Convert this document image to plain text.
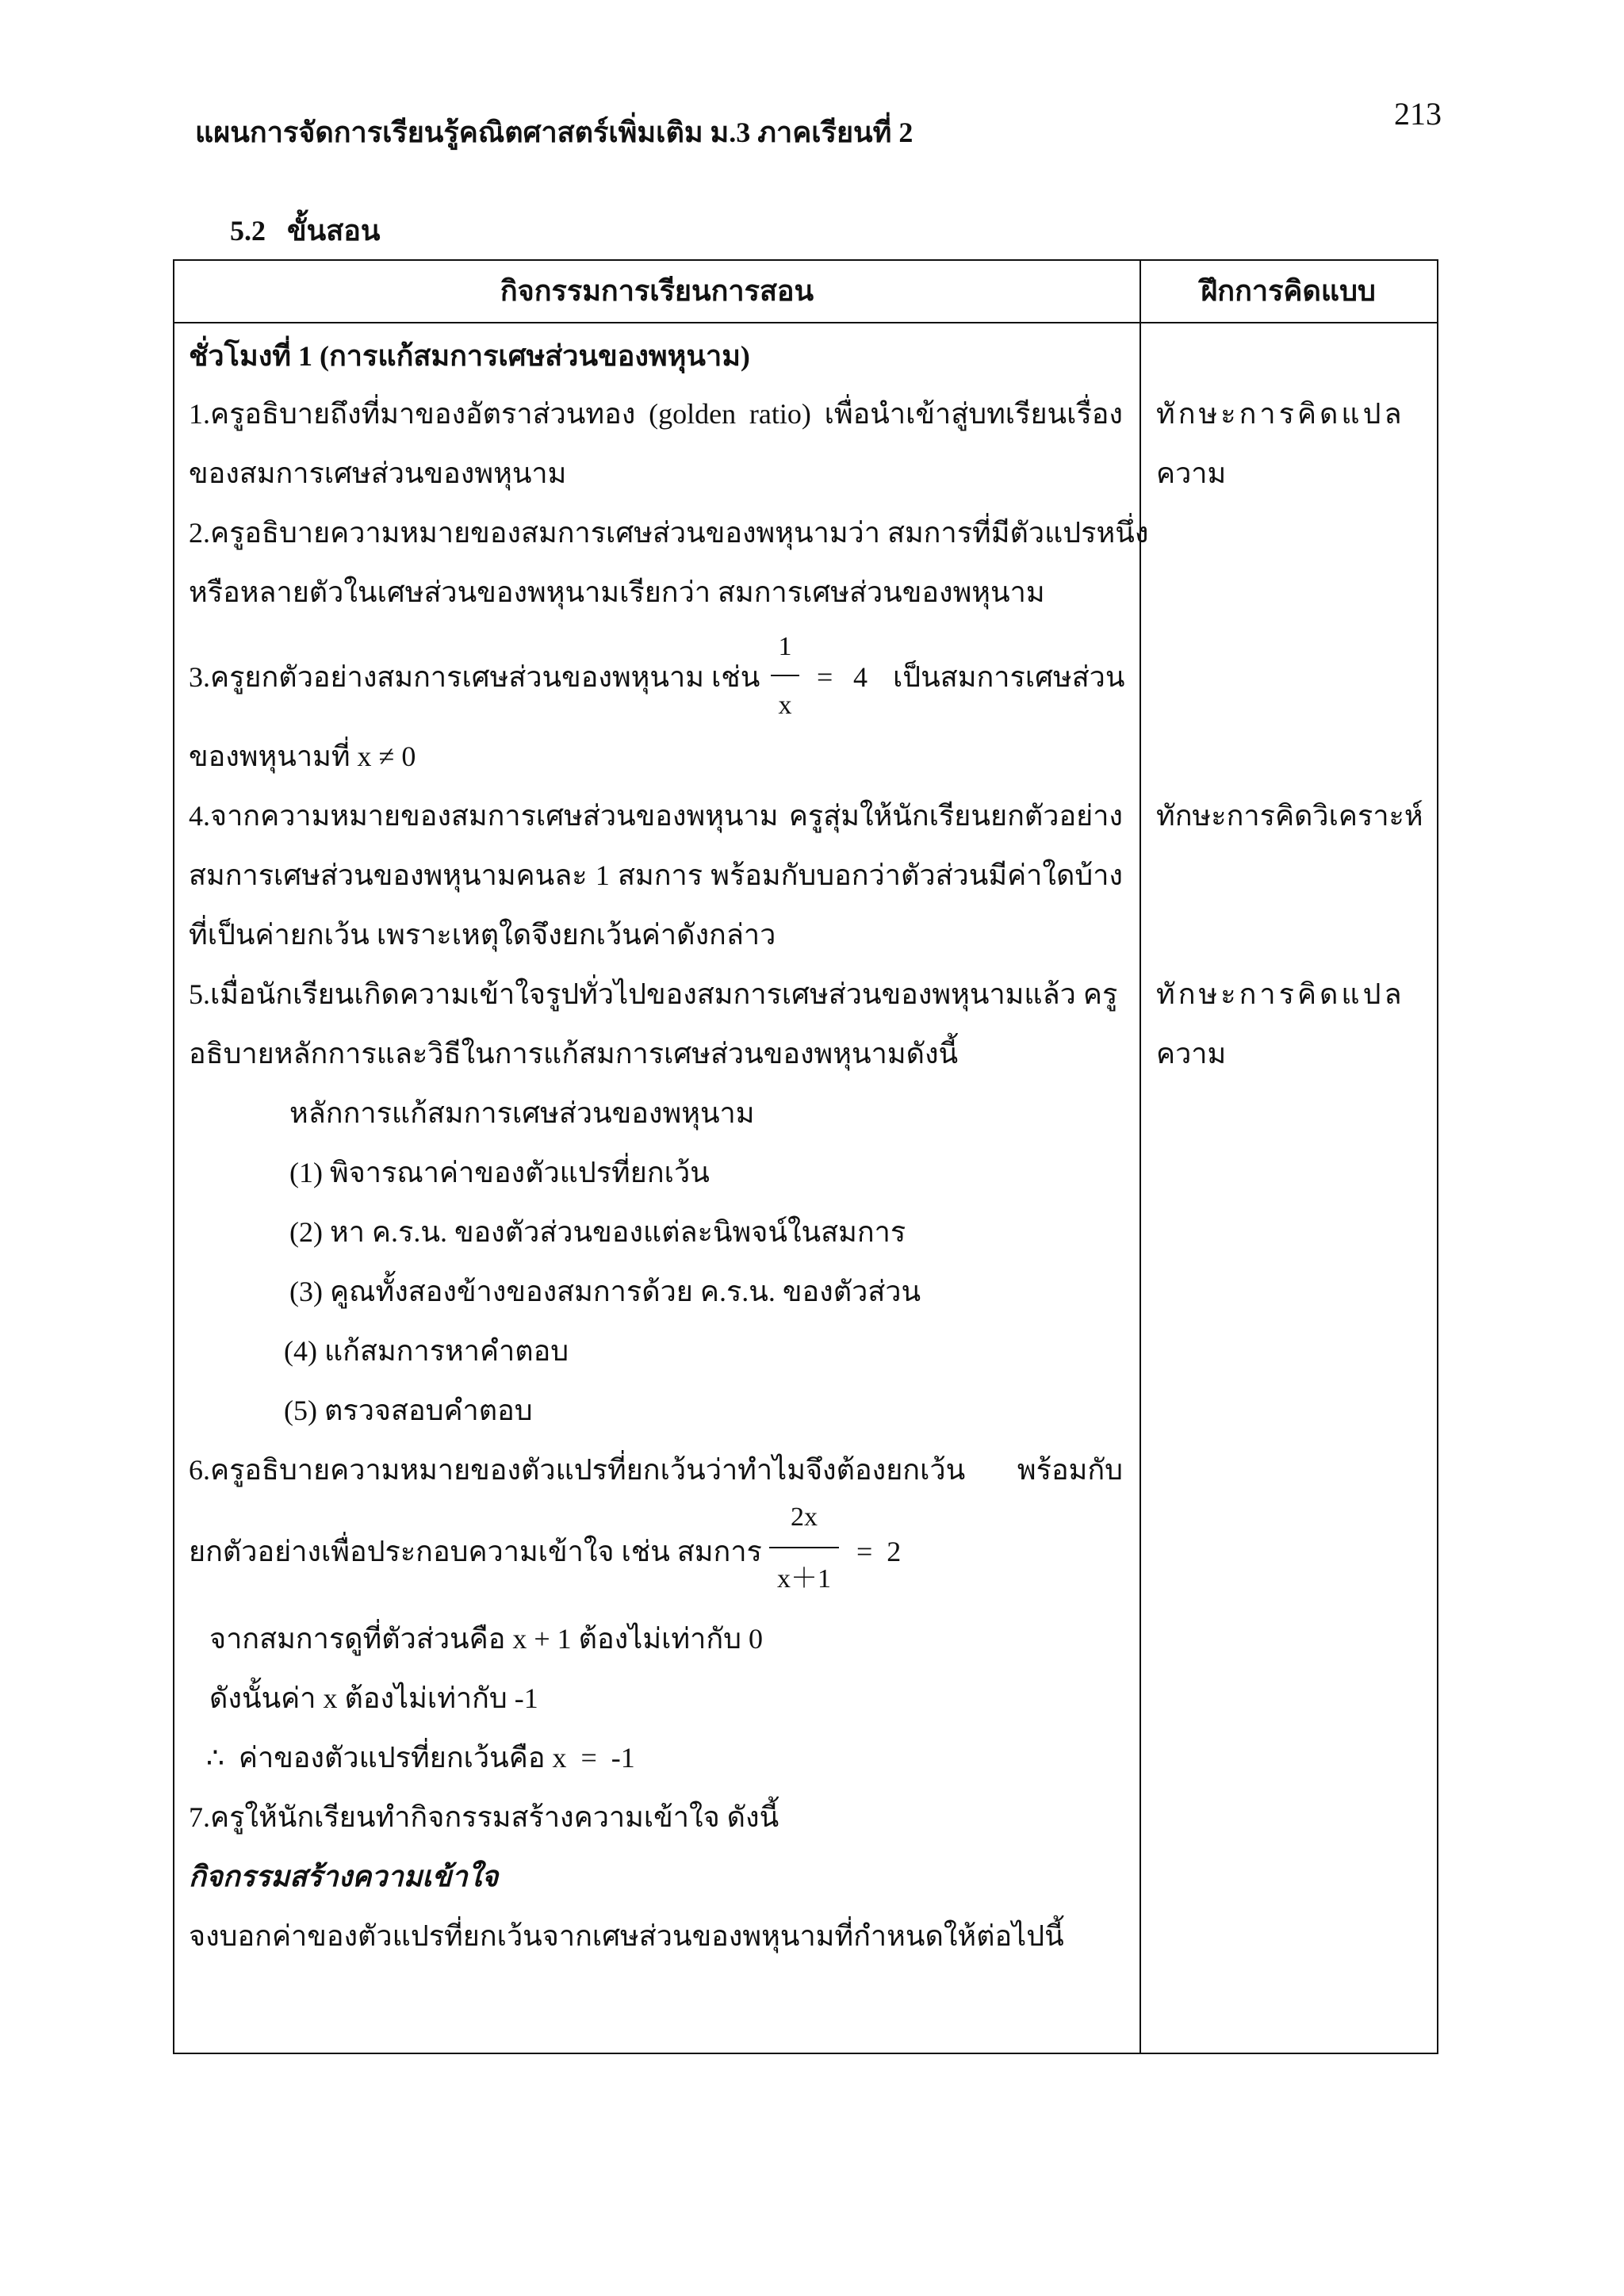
แผนการจัดการเรียนรู้คณิตศาสตร์เพิ่มเติม ม.3 ภาคเรียนที่ 2
213
5.2   ขั้นสอน
กิจกรรมการเรียนการสอน	ฝึกการคิดแบบ
ชั่วโมงที่ 1 (การแก้สมการเศษส่วนของพหุนาม)
1.ครูอธิบายถึงที่มาของอัตราส่วนทอง (golden ratio) เพื่อนำเข้าสู่บทเรียนเรื่อง
ของสมการเศษส่วนของพหุนาม
2.ครูอธิบายความหมายของสมการเศษส่วนของพหุนามว่า สมการที่มีตัวแปรหนึ่ง
หรือหลายตัวในเศษส่วนของพหุนามเรียกว่า สมการเศษส่วนของพหุนาม
3.ครูยกตัวอย่างสมการเศษส่วนของพหุนาม เช่น
1
x
= 4 เป็นสมการเศษส่วน
ของพหุนามที่ x ≠ 0
4.จากความหมายของสมการเศษส่วนของพหุนาม ครูสุ่มให้นักเรียนยกตัวอย่าง
สมการเศษส่วนของพหุนามคนละ 1 สมการ พร้อมกับบอกว่าตัวส่วนมีค่าใดบ้าง
ที่เป็นค่ายกเว้น เพราะเหตุใดจึงยกเว้นค่าดังกล่าว
5.เมื่อนักเรียนเกิดความเข้าใจรูปทั่วไปของสมการเศษส่วนของพหุนามแล้ว ครู
อธิบายหลักการและวิธีในการแก้สมการเศษส่วนของพหุนามดังนี้
หลักการแก้สมการเศษส่วนของพหุนาม
(1) พิจารณาค่าของตัวแปรที่ยกเว้น
(2) หา ค.ร.น. ของตัวส่วนของแต่ละนิพจน์ในสมการ
(3) คูณทั้งสองข้างของสมการด้วย ค.ร.น. ของตัวส่วน
(4) แก้สมการหาคำตอบ
(5) ตรวจสอบคำตอบ
6.ครูอธิบายความหมายของตัวแปรที่ยกเว้นว่าทำไมจึงต้องยกเว้น พร้อมกับ
ยกตัวอย่างเพื่อประกอบความเข้าใจ เช่น สมการ
2x
x＋1
=  2
จากสมการดูที่ตัวส่วนคือ x + 1 ต้องไม่เท่ากับ 0
ดังนั้นค่า x ต้องไม่เท่ากับ -1
∴  ค่าของตัวแปรที่ยกเว้นคือ x  =  -1
7.ครูให้นักเรียนทำกิจกรรมสร้างความเข้าใจ ดังนี้
กิจกรรมสร้างความเข้าใจ
จงบอกค่าของตัวแปรที่ยกเว้นจากเศษส่วนของพหุนามที่กำหนดให้ต่อไปนี้
ทักษะการคิดแปล
ความ
ทักษะการคิดวิเคราะห์
ทักษะการคิดแปล
ความ
